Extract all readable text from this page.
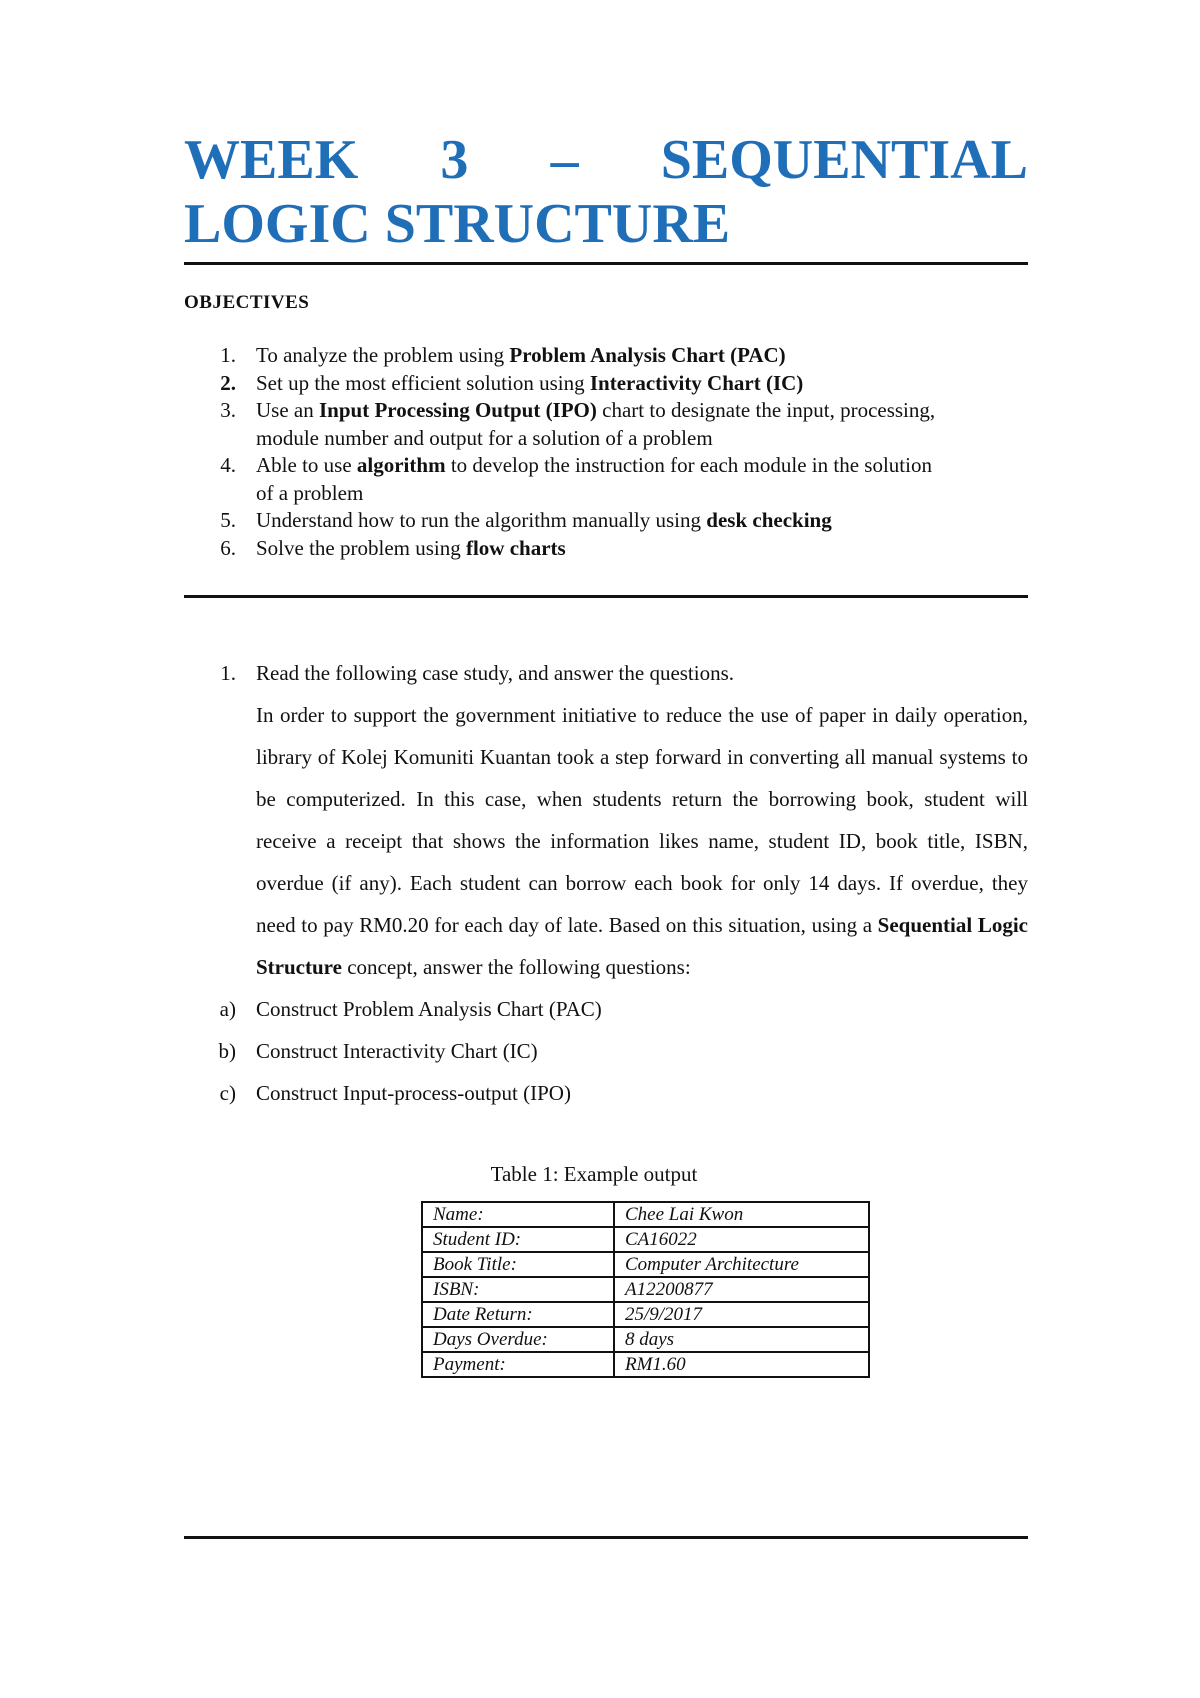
WEEK 3 – SEQUENTIAL
LOGIC STRUCTURE
OBJECTIVES
1. To analyze the problem using Problem Analysis Chart (PAC)
2. Set up the most efficient solution using Interactivity Chart (IC)
3. Use an Input Processing Output (IPO) chart to designate the input, processing, module number and output for a solution of a problem
4. Able to use algorithm to develop the instruction for each module in the solution of a problem
5. Understand how to run the algorithm manually using desk checking
6. Solve the problem using flow charts
1. Read the following case study, and answer the questions.

In order to support the government initiative to reduce the use of paper in daily operation, library of Kolej Komuniti Kuantan took a step forward in converting all manual systems to be computerized. In this case, when students return the borrowing book, student will receive a receipt that shows the information likes name, student ID, book title, ISBN, overdue (if any). Each student can borrow each book for only 14 days. If overdue, they need to pay RM0.20 for each day of late. Based on this situation, using a Sequential Logic Structure concept, answer the following questions:

a) Construct Problem Analysis Chart (PAC)
b) Construct Interactivity Chart (IC)
c) Construct Input-process-output (IPO)

Table 1: Example output

Name:	Chee Lai Kwon
Student ID:	CA16022
Book Title:	Computer Architecture
ISBN:	A12200877
Date Return:	25/9/2017
Days Overdue:	8 days
Payment:	RM1.60
